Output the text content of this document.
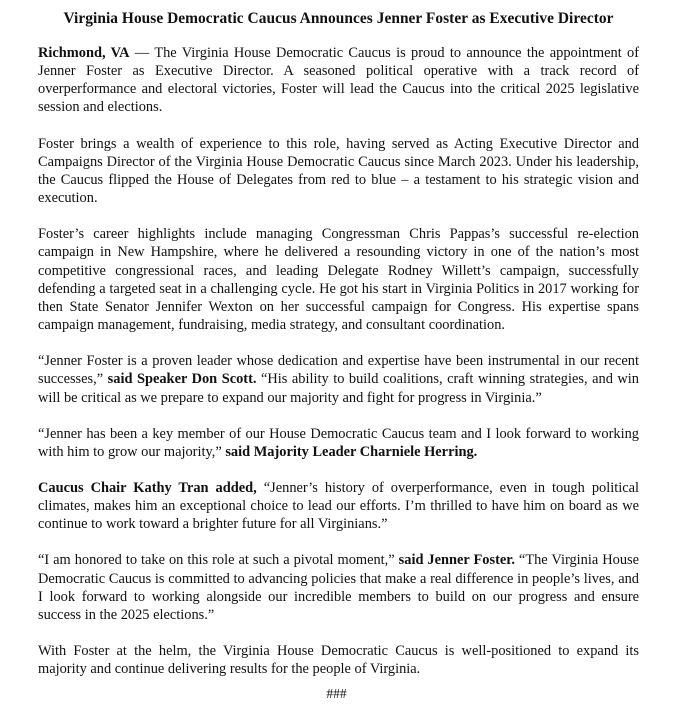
Virginia House Democratic Caucus Announces Jenner Foster as Executive Director

Richmond, VA — The Virginia House Democratic Caucus is proud to announce the appointment of Jenner Foster as Executive Director. A seasoned political operative with a track record of overperformance and electoral victories, Foster will lead the Caucus into the critical 2025 legislative session and elections.

Foster brings a wealth of experience to this role, having served as Acting Executive Director and Campaigns Director of the Virginia House Democratic Caucus since March 2023. Under his leadership, the Caucus flipped the House of Delegates from red to blue – a testament to his strategic vision and execution.

Foster’s career highlights include managing Congressman Chris Pappas’s successful re-election campaign in New Hampshire, where he delivered a resounding victory in one of the nation’s most competitive congressional races, and leading Delegate Rodney Willett’s campaign, successfully defending a targeted seat in a challenging cycle. He got his start in Virginia Politics in 2017 working for then State Senator Jennifer Wexton on her successful campaign for Congress. His expertise spans campaign management, fundraising, media strategy, and consultant coordination.

“Jenner Foster is a proven leader whose dedication and expertise have been instrumental in our recent successes,” said Speaker Don Scott. “His ability to build coalitions, craft winning strategies, and win will be critical as we prepare to expand our majority and fight for progress in Virginia.”

“Jenner has been a key member of our House Democratic Caucus team and I look forward to working with him to grow our majority,” said Majority Leader Charniele Herring.

Caucus Chair Kathy Tran added, “Jenner’s history of overperformance, even in tough political climates, makes him an exceptional choice to lead our efforts. I’m thrilled to have him on board as we continue to work toward a brighter future for all Virginians.”

“I am honored to take on this role at such a pivotal moment,” said Jenner Foster. “The Virginia House Democratic Caucus is committed to advancing policies that make a real difference in people’s lives, and I look forward to working alongside our incredible members to build on our progress and ensure success in the 2025 elections.”

With Foster at the helm, the Virginia House Democratic Caucus is well-positioned to expand its majority and continue delivering results for the people of Virginia.

###
